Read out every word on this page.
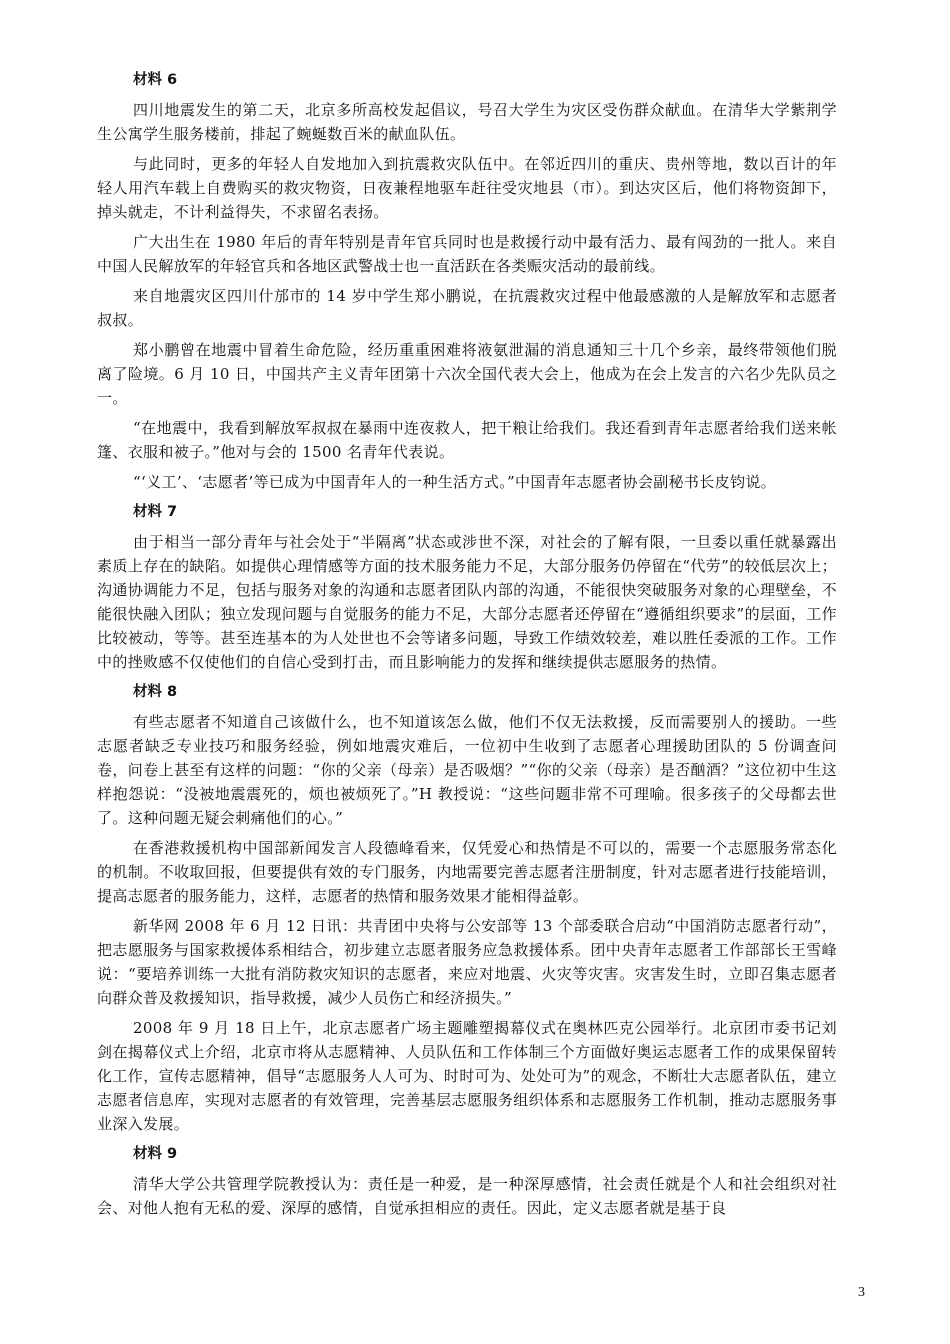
材料 6

四川地震发生的第二天，北京多所高校发起倡议，号召大学生为灾区受伤群众献血。在清华大学紫荆学生公寓学生服务楼前，排起了蜿蜒数百米的献血队伍。

与此同时，更多的年轻人自发地加入到抗震救灾队伍中。在邻近四川的重庆、贵州等地，数以百计的年轻人用汽车载上自费购买的救灾物资，日夜兼程地驱车赶往受灾地县（市）。到达灾区后，他们将物资卸下，掉头就走，不计利益得失，不求留名表扬。

广大出生在 1980 年后的青年特别是青年官兵同时也是救援行动中最有活力、最有闯劲的一批人。来自中国人民解放军的年轻官兵和各地区武警战士也一直活跃在各类赈灾活动的最前线。

来自地震灾区四川什邡市的 14 岁中学生郑小鹏说，在抗震救灾过程中他最感激的人是解放军和志愿者叔叔。

郑小鹏曾在地震中冒着生命危险，经历重重困难将液氨泄漏的消息通知三十几个乡亲，最终带领他们脱离了险境。6 月 10 日，中国共产主义青年团第十六次全国代表大会上，他成为在会上发言的六名少先队员之一。

“在地震中，我看到解放军叔叔在暴雨中连夜救人，把干粮让给我们。我还看到青年志愿者给我们送来帐篷、衣服和被子。”他对与会的 1500 名青年代表说。

“‘义工’、‘志愿者’等已成为中国青年人的一种生活方式。”中国青年志愿者协会副秘书长皮钧说。

材料 7

由于相当一部分青年与社会处于“半隔离”状态或涉世不深，对社会的了解有限，一旦委以重任就暴露出素质上存在的缺陷。如提供心理情感等方面的技术服务能力不足，大部分服务仍停留在“代劳”的较低层次上；沟通协调能力不足，包括与服务对象的沟通和志愿者团队内部的沟通，不能很快突破服务对象的心理壁垒，不能很快融入团队；独立发现问题与自觉服务的能力不足，大部分志愿者还停留在“遵循组织要求”的层面，工作比较被动，等等。甚至连基本的为人处世也不会等诸多问题，导致工作绩效较差，难以胜任委派的工作。工作中的挫败感不仅使他们的自信心受到打击，而且影响能力的发挥和继续提供志愿服务的热情。

材料 8

有些志愿者不知道自己该做什么，也不知道该怎么做，他们不仅无法救援，反而需要别人的援助。一些志愿者缺乏专业技巧和服务经验，例如地震灾难后，一位初中生收到了志愿者心理援助团队的 5 份调查问卷，问卷上甚至有这样的问题：“你的父亲（母亲）是否吸烟？”“你的父亲（母亲）是否酗酒？”这位初中生这样抱怨说：“没被地震震死的，烦也被烦死了。”H 教授说：“这些问题非常不可理喻。很多孩子的父母都去世了。这种问题无疑会刺痛他们的心。”

在香港救援机构中国部新闻发言人段德峰看来，仅凭爱心和热情是不可以的，需要一个志愿服务常态化的机制。不收取回报，但要提供有效的专门服务，内地需要完善志愿者注册制度，针对志愿者进行技能培训，提高志愿者的服务能力，这样，志愿者的热情和服务效果才能相得益彰。

新华网 2008 年 6 月 12 日讯：共青团中央将与公安部等 13 个部委联合启动“中国消防志愿者行动”，把志愿服务与国家救援体系相结合，初步建立志愿者服务应急救援体系。团中央青年志愿者工作部部长王雪峰说：“要培养训练一大批有消防救灾知识的志愿者，来应对地震、火灾等灾害。灾害发生时，立即召集志愿者向群众普及救援知识，指导救援，减少人员伤亡和经济损失。”

2008 年 9 月 18 日上午，北京志愿者广场主题雕塑揭幕仪式在奥林匹克公园举行。北京团市委书记刘剑在揭幕仪式上介绍，北京市将从志愿精神、人员队伍和工作体制三个方面做好奥运志愿者工作的成果保留转化工作，宣传志愿精神，倡导“志愿服务人人可为、时时可为、处处可为”的观念，不断壮大志愿者队伍，建立志愿者信息库，实现对志愿者的有效管理，完善基层志愿服务组织体系和志愿服务工作机制，推动志愿服务事业深入发展。

材料 9

清华大学公共管理学院教授认为：责任是一种爱，是一种深厚感情，社会责任就是个人和社会组织对社会、对他人抱有无私的爱、深厚的感情，自觉承担相应的责任。因此，定义志愿者就是基于良

3
